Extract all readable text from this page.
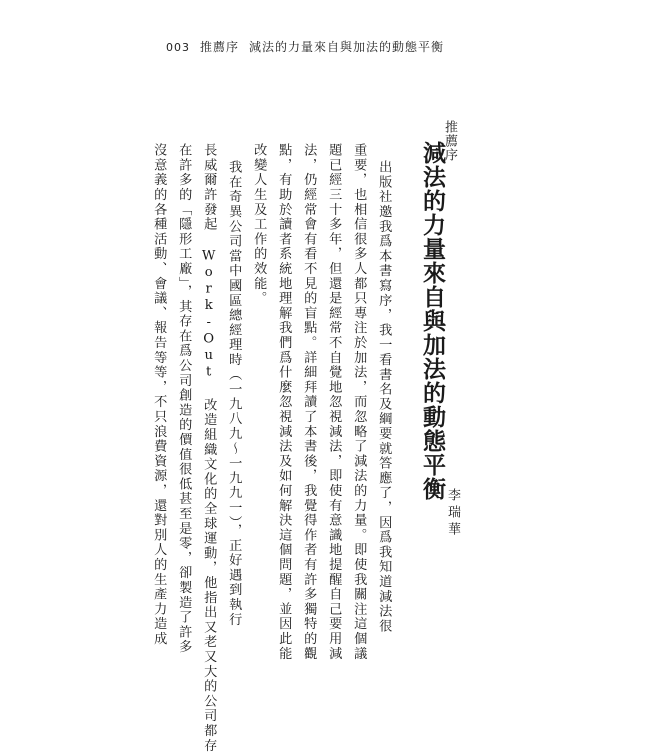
003 推薦序 減法的力量來自與加法的動態平衡
推薦序
減法的力量來自與加法的動態平衡
李瑞華
出版社邀我爲本書寫序，我一看書名及綱要就答應了，因爲我知道減法很
重要，也相信很多人都只專注於加法，而忽略了減法的力量。即使我關注這個議
題已經三十多年，但還是經常不自覺地忽視減法，即使有意識地提醒自己要用減
法，仍經常會有看不見的盲點。詳細拜讀了本書後，我覺得作者有許多獨特的觀
點，有助於讀者系統地理解我們爲什麼忽視減法及如何解決這個問題，並因此能
改變人生及工作的效能。
我在奇異公司當中國區總經理時（一九八九～一九九一），正好遇到執行
長威爾許發起 Work-Out 改造組織文化的全球運動，他指出又老又大的公司都存
在許多的「隱形工廠」，其存在爲公司創造的價值很低甚至是零，卻製造了許多
沒意義的各種活動、會議、報告等等，不只浪費資源，還對別人的生產力造成
